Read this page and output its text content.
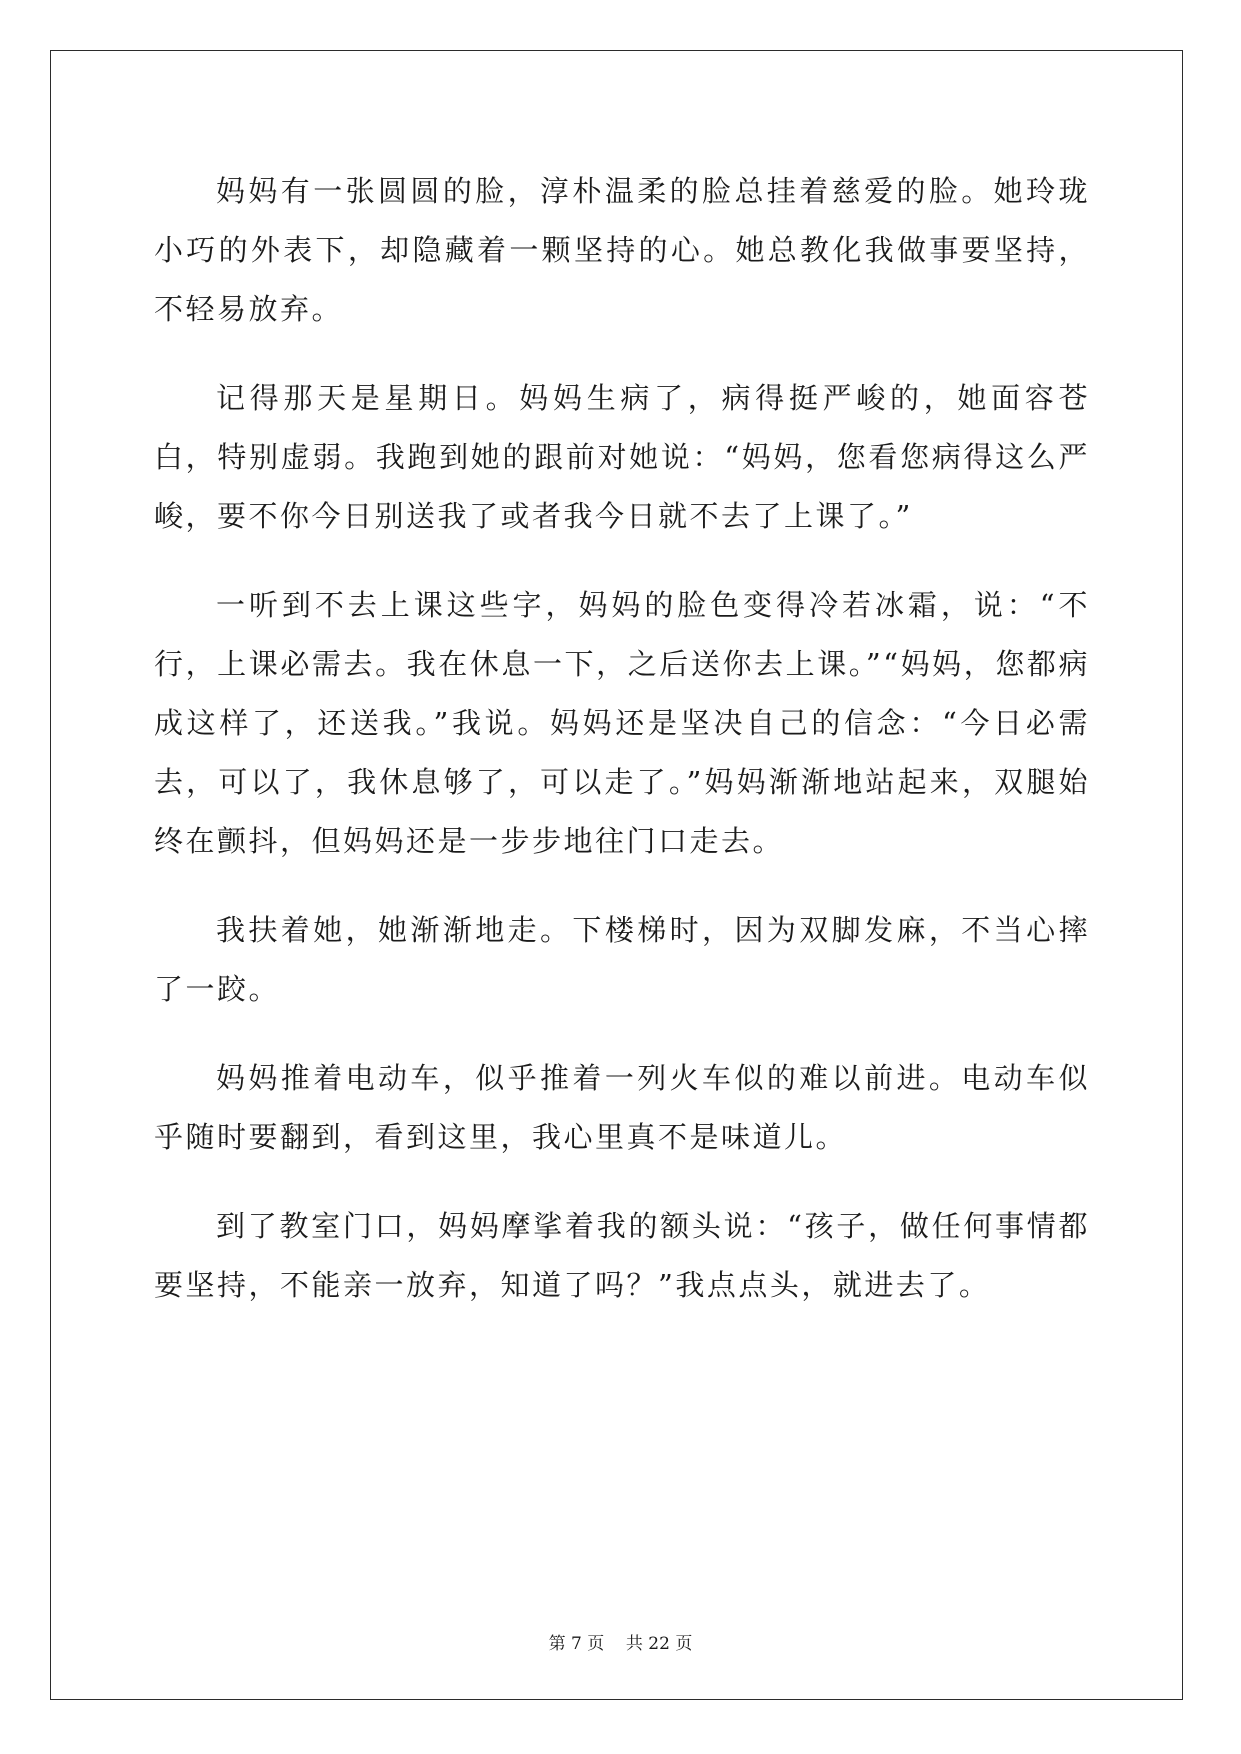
妈妈有一张圆圆的脸，淳朴温柔的脸总挂着慈爱的脸。她玲珑小巧的外表下，却隐藏着一颗坚持的心。她总教化我做事要坚持，不轻易放弃。

记得那天是星期日。妈妈生病了，病得挺严峻的，她面容苍白，特别虚弱。我跑到她的跟前对她说：“妈妈，您看您病得这么严峻，要不你今日别送我了或者我今日就不去了上课了。”

一听到不去上课这些字，妈妈的脸色变得冷若冰霜，说：“不行，上课必需去。我在休息一下，之后送你去上课。”“妈妈，您都病成这样了，还送我。”我说。妈妈还是坚决自己的信念：“今日必需去，可以了，我休息够了，可以走了。”妈妈渐渐地站起来，双腿始终在颤抖，但妈妈还是一步步地往门口走去。

我扶着她，她渐渐地走。下楼梯时，因为双脚发麻，不当心摔了一跤。

妈妈推着电动车，似乎推着一列火车似的难以前进。电动车似乎随时要翻到，看到这里，我心里真不是味道儿。

到了教室门口，妈妈摩挲着我的额头说：“孩子，做任何事情都要坚持，不能亲一放弃，知道了吗？”我点点头，就进去了。

第 7 页    共 22 页
